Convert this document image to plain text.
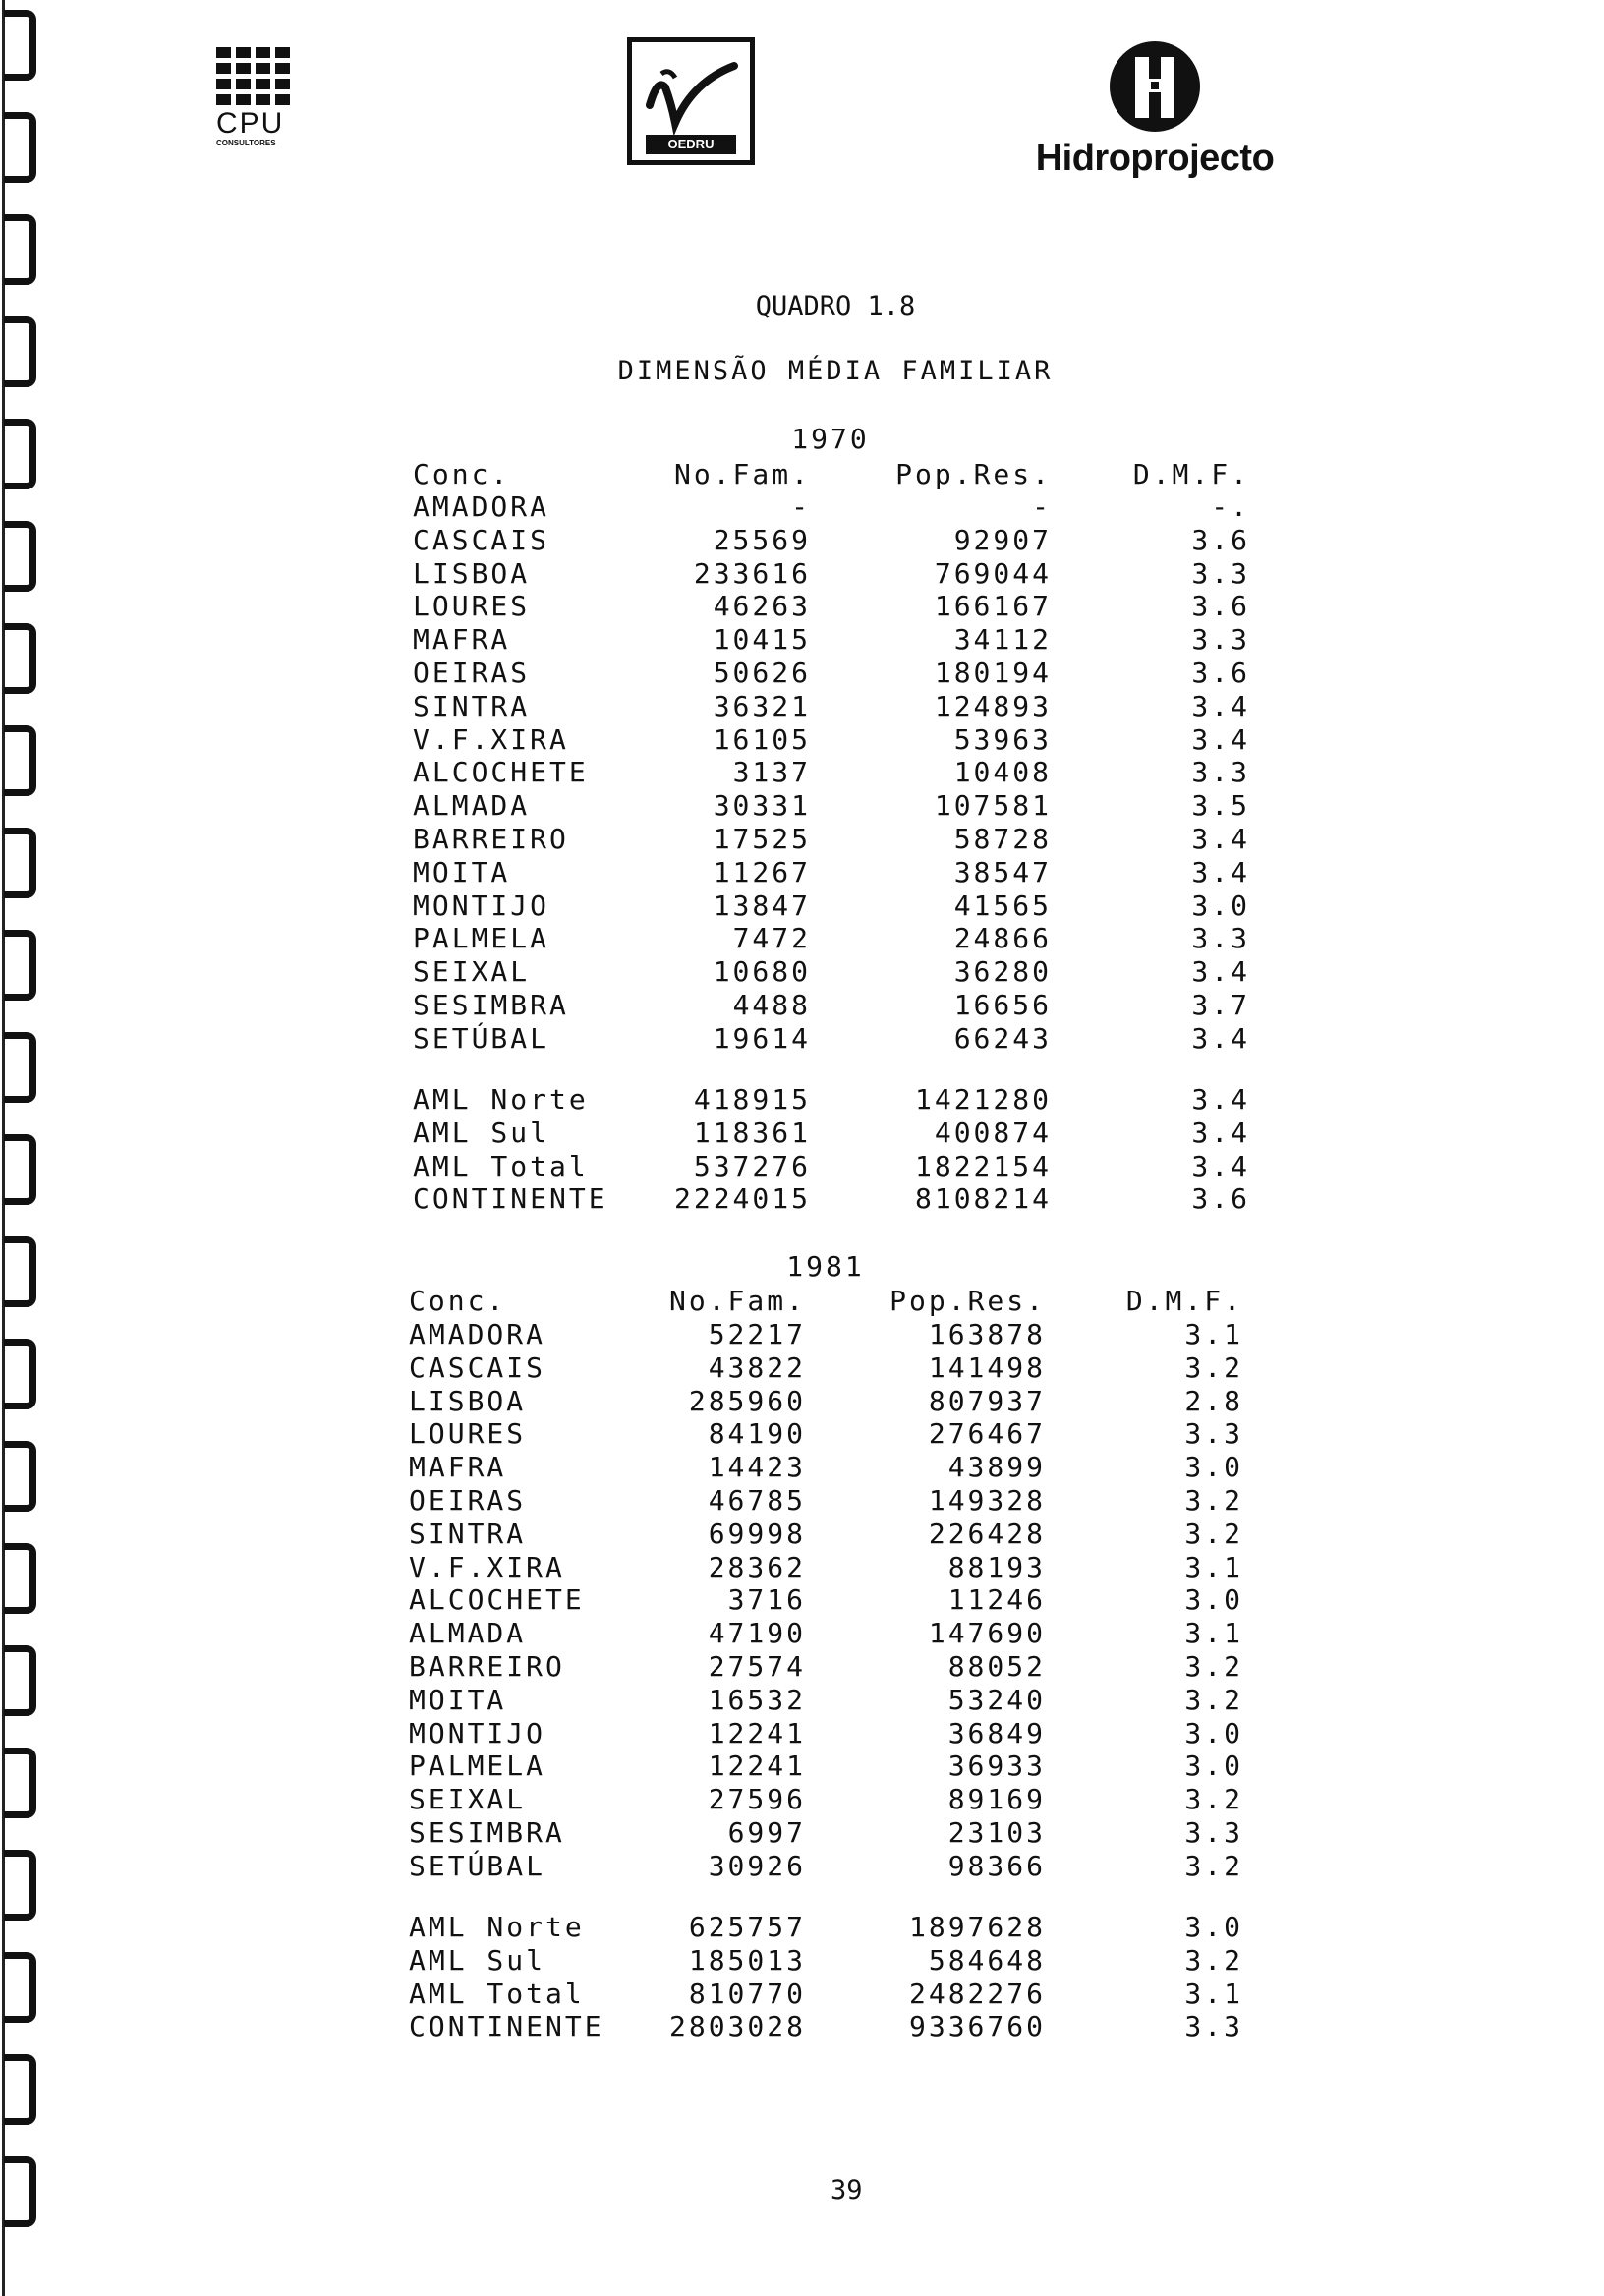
CPU
CONSULTORES	OEDRU	Hidroprojecto
QUADRO 1.8
DIMENSÃO MÉDIA FAMILIAR
1970
Conc.	No.Fam.	Pop.Res.	D.M.F.
AMADORA	-	-	-.
CASCAIS	25569	92907	3.6
LISBOA	233616	769044	3.3
LOURES	46263	166167	3.6
MAFRA	10415	34112	3.3
OEIRAS	50626	180194	3.6
SINTRA	36321	124893	3.4
V.F.XIRA	16105	53963	3.4
ALCOCHETE	3137	10408	3.3
ALMADA	30331	107581	3.5
BARREIRO	17525	58728	3.4
MOITA	11267	38547	3.4
MONTIJO	13847	41565	3.0
PALMELA	7472	24866	3.3
SEIXAL	10680	36280	3.4
SESIMBRA	4488	16656	3.7
SETÚBAL	19614	66243	3.4
AML Norte	418915	1421280	3.4
AML Sul	118361	400874	3.4
AML Total	537276	1822154	3.4
CONTINENTE 2224015	8108214	3.6
1981
Conc.	No.Fam.	Pop.Res.	D.M.F.
AMADORA	52217	163878	3.1
CASCAIS	43822	141498	3.2
LISBOA	285960	807937	2.8
LOURES	84190	276467	3.3
MAFRA	14423	43899	3.0
OEIRAS	46785	149328	3.2
SINTRA	69998	226428	3.2
V.F.XIRA	28362	88193	3.1
ALCOCHETE	3716	11246	3.0
ALMADA	47190	147690	3.1
BARREIRO	27574	88052	3.2
MOITA	16532	53240	3.2
MONTIJO	12241	36849	3.0
PALMELA	12241	36933	3.0
SEIXAL	27596	89169	3.2
SESIMBRA	6997	23103	3.3
SETÚBAL	30926	98366	3.2
AML Norte	625757	1897628	3.0
AML Sul	185013	584648	3.2
AML Total	810770	2482276	3.1
CONTINENTE 2803028	9336760	3.3
39
